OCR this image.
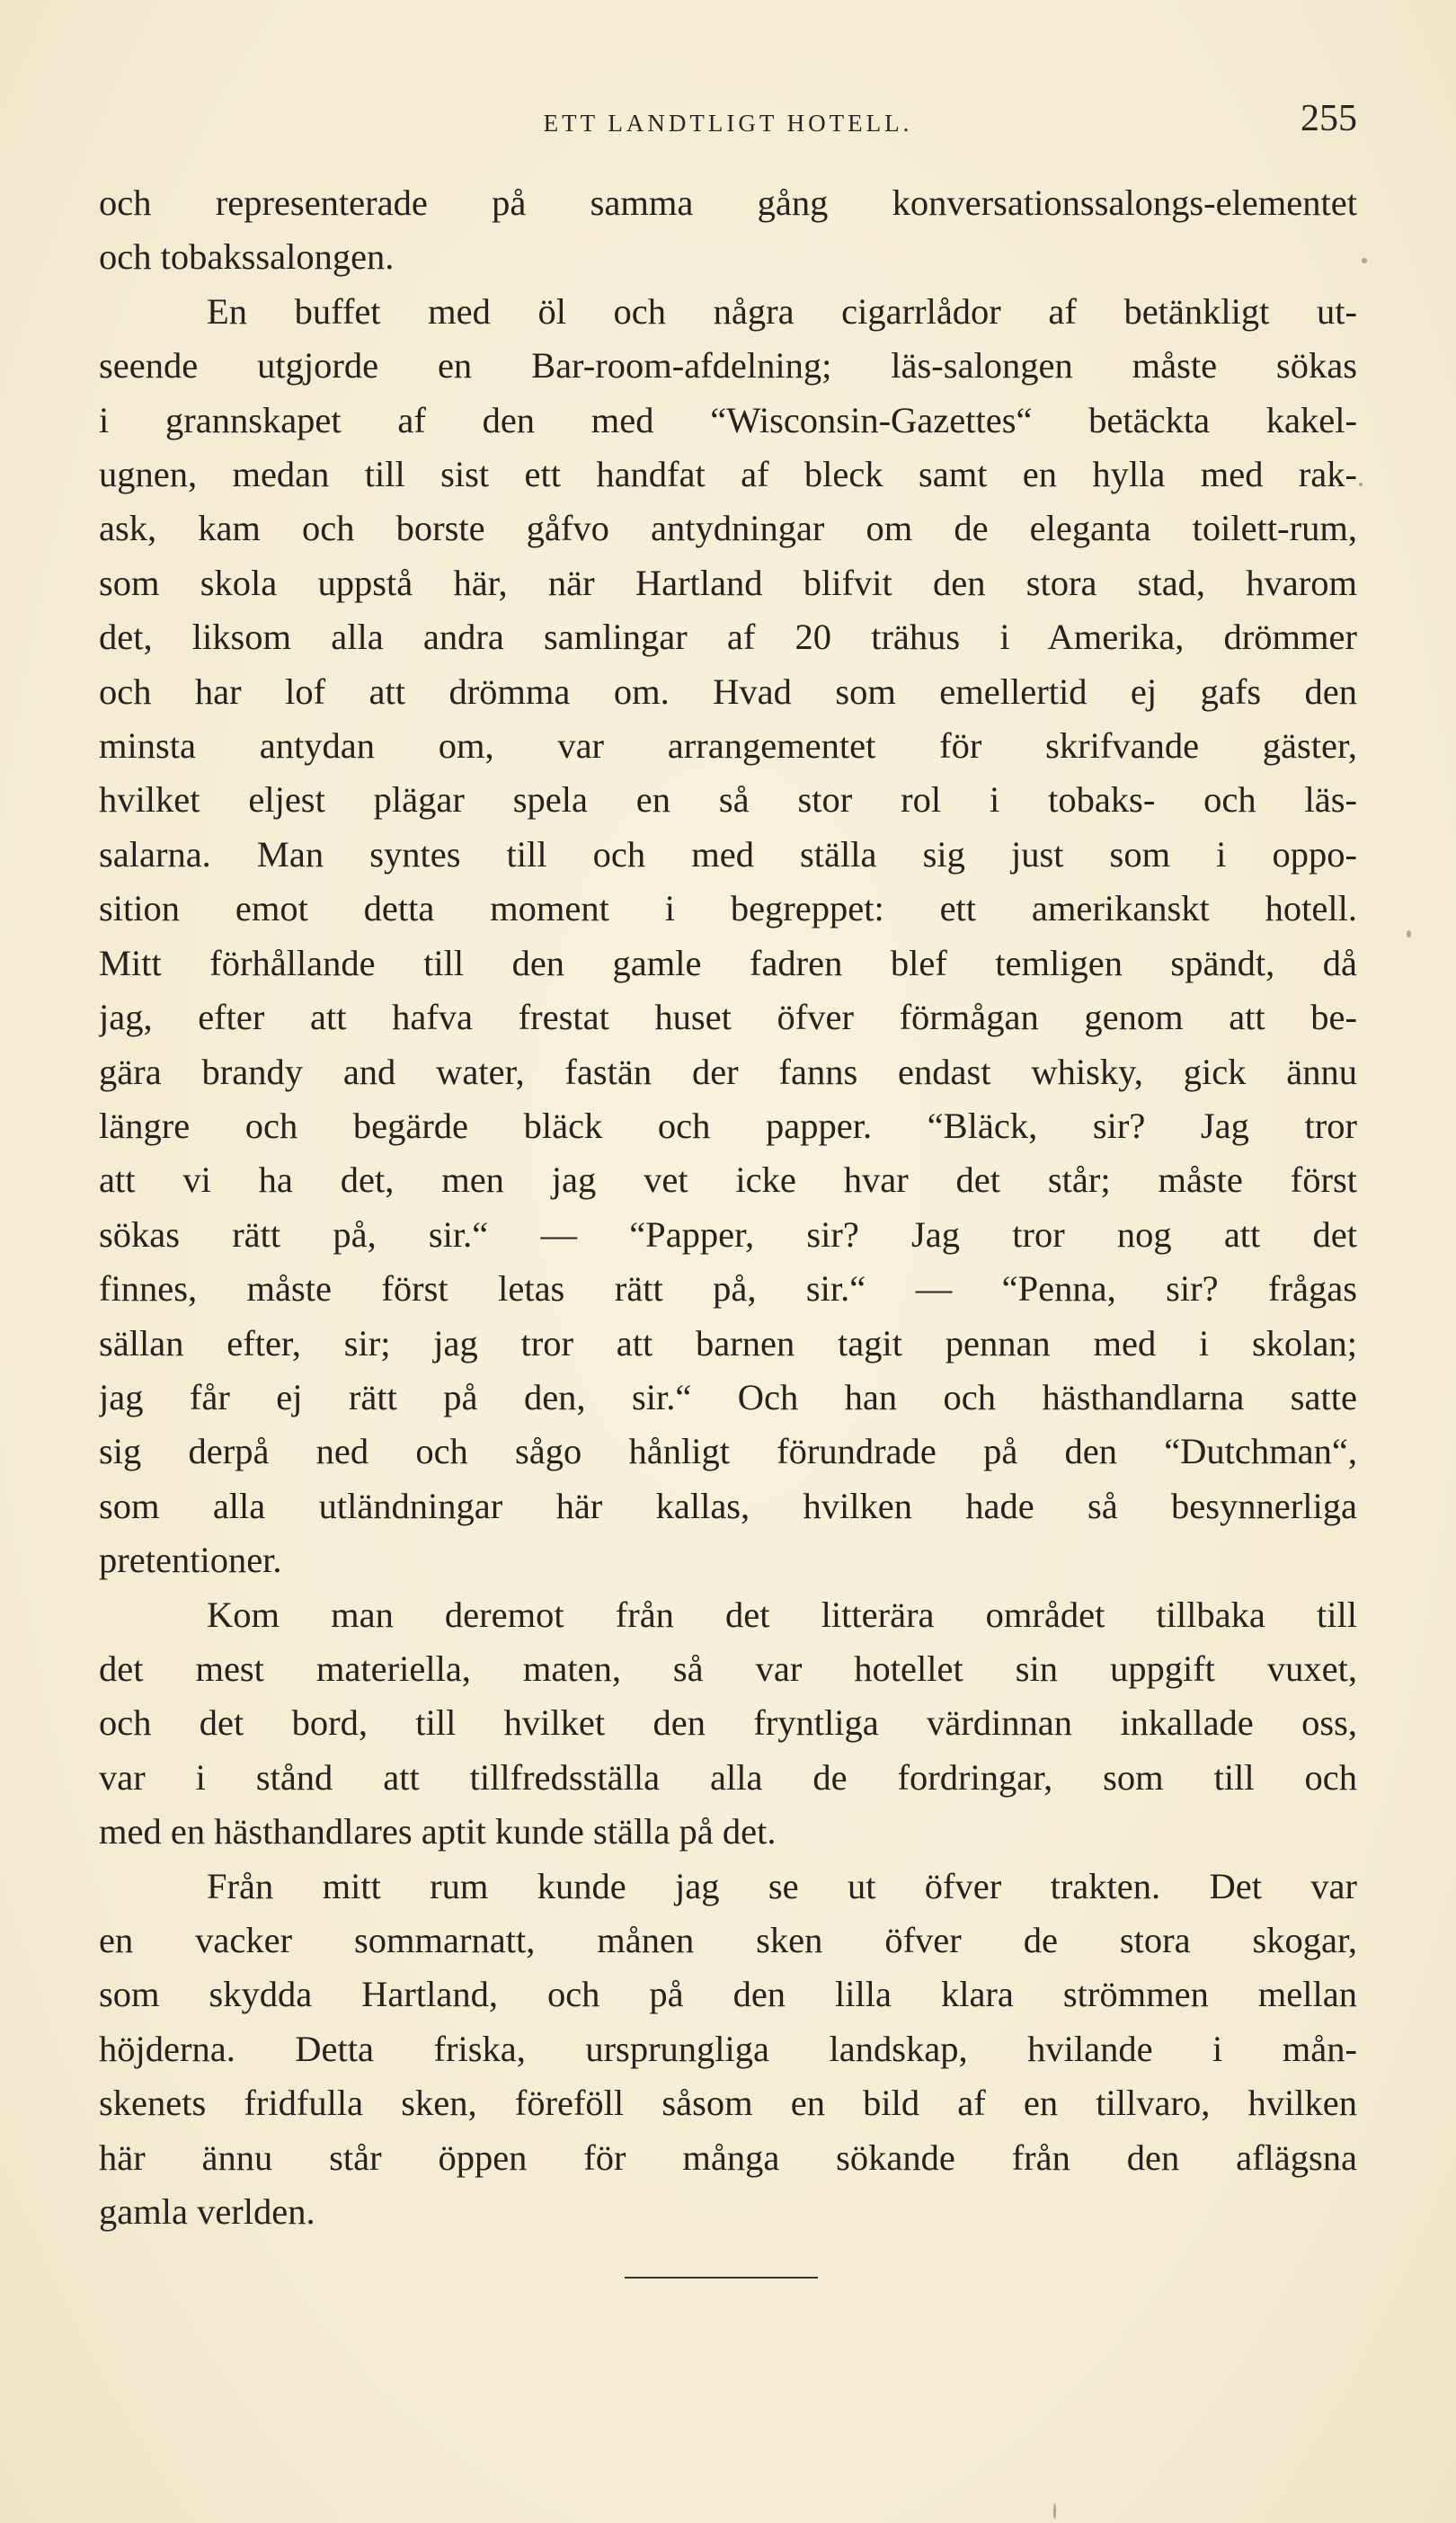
ETT LANDTLIGT HOTELL.	255
och representerade på samma gång konversationssalongs-elementet
och tobakssalongen.
En buffet med öl och några cigarrlådor af betänkligt ut-
seende utgjorde en Bar-room-afdelning; läs-salongen måste sökas
i grannskapet af den med “Wisconsin-Gazettes“ betäckta kakel-
ugnen, medan till sist ett handfat af bleck samt en hylla med rak-
ask, kam och borste gåfvo antydningar om de eleganta toilett-rum,
som skola uppstå här, när Hartland blifvit den stora stad, hvarom
det, liksom alla andra samlingar af 20 trähus i Amerika, drömmer
och har lof att drömma om. Hvad som emellertid ej gafs den
minsta antydan om, var arrangementet för skrifvande gäster,
hvilket eljest plägar spela en så stor rol i tobaks- och läs-
salarna. Man syntes till och med ställa sig just som i oppo-
sition emot detta moment i begreppet: ett amerikanskt hotell.
Mitt förhållande till den gamle fadren blef temligen spändt, då
jag, efter att hafva frestat huset öfver förmågan genom att be-
gära brandy and water, fastän der fanns endast whisky, gick ännu
längre och begärde bläck och papper. “Bläck, sir? Jag tror
att vi ha det, men jag vet icke hvar det står; måste först
sökas rätt på, sir.“ — “Papper, sir? Jag tror nog att det
finnes, måste först letas rätt på, sir.“ — “Penna, sir? frågas
sällan efter, sir; jag tror att barnen tagit pennan med i skolan;
jag får ej rätt på den, sir.“ Och han och hästhandlarna satte
sig derpå ned och sågo hånligt förundrade på den “Dutchman“,
som alla utländningar här kallas, hvilken hade så besynnerliga
pretentioner.
Kom man deremot från det litterära området tillbaka till
det mest materiella, maten, så var hotellet sin uppgift vuxet,
och det bord, till hvilket den fryntliga värdinnan inkallade oss,
var i stånd att tillfredsställa alla de fordringar, som till och
med en hästhandlares aptit kunde ställa på det.
Från mitt rum kunde jag se ut öfver trakten. Det var
en vacker sommarnatt, månen sken öfver de stora skogar,
som skydda Hartland, och på den lilla klara strömmen mellan
höjderna. Detta friska, ursprungliga landskap, hvilande i mån-
skenets fridfulla sken, föreföll såsom en bild af en tillvaro, hvilken
här ännu står öppen för många sökande från den aflägsna
gamla verlden.
